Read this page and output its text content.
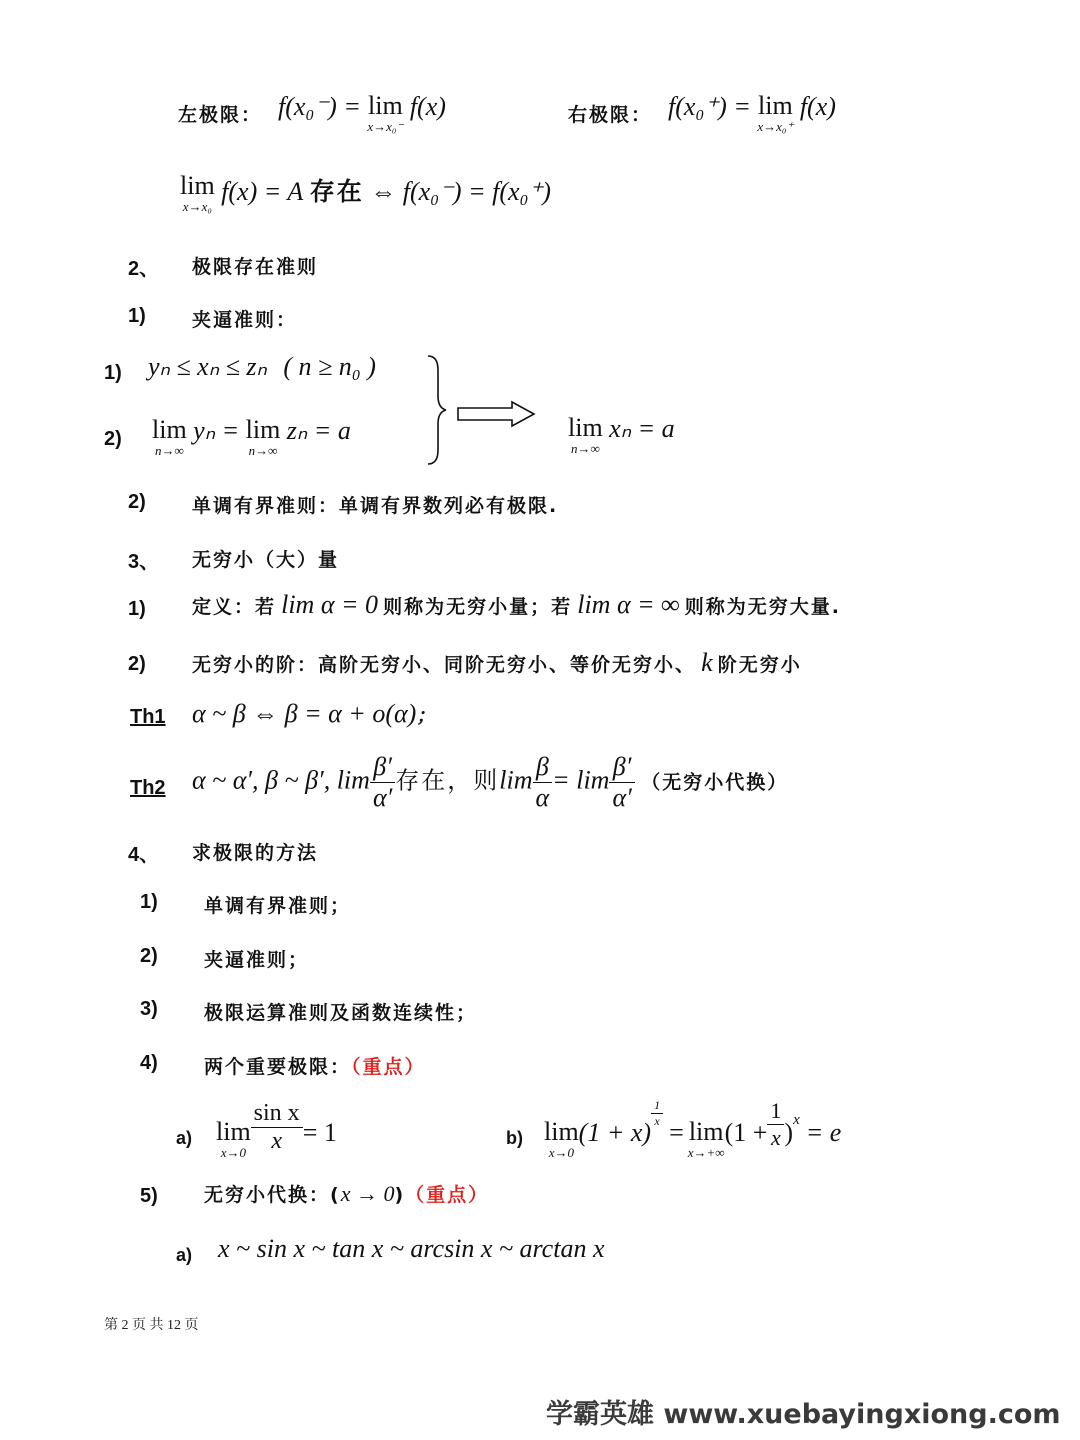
左极限： f(x₀⁻) = lim
x→x₀⁻
f(x)	右极限： f(x₀⁺) = lim
x→x₀⁺
f(x)
lim
x→x₀
f(x) = A 存在 ⇔ f(x₀⁻) = f(x₀⁺)
2、 极限存在准则
1) 夹逼准则：
1) yₙ ≤ xₙ ≤ zₙ ( n ≥ n₀ )
2) lim
n→∞
yₙ = lim
n→∞
zₙ = a	lim
n→∞
xₙ = a
2) 单调有界准则：单调有界数列必有极限.
3、 无穷小（大）量
1) 定义：若 lim α = 0 则称为无穷小量；若 lim α = ∞ 则称为无穷大量.
2) 无穷小的阶：高阶无穷小、同阶无穷小、等价无穷小、 k 阶无穷小
Th1 α ~ β ⇔ β = α + o(α)；
Th2 α ~ α′, β ~ β′, $\lim \frac{\beta'}{\alpha'}$ 存在，则$\lim \frac{\beta}{\alpha} = \lim \frac{\beta'}{\alpha'}$ （无穷小代换）
4、 求极限的方法
1) 单调有界准则；
2) 夹逼准则；
3) 极限运算准则及函数连续性；
4) 两个重要极限：（重点）
a) lim
$x\to 0 \frac{\text{sin x}}{x} = 1$	b) lim
x→0
(1 + x)
$\frac{1}{x}$
= lim
x→+∞
$(1 + \frac{1}{x} )x = e$
5) 无穷小代换：(x → 0)（重点）
a) x ~ sin x ~ tan x ~ arcsin x ~ arctan x
第 2 页 共 12 页
学霸英雄 www.xuebayingxiong.com
